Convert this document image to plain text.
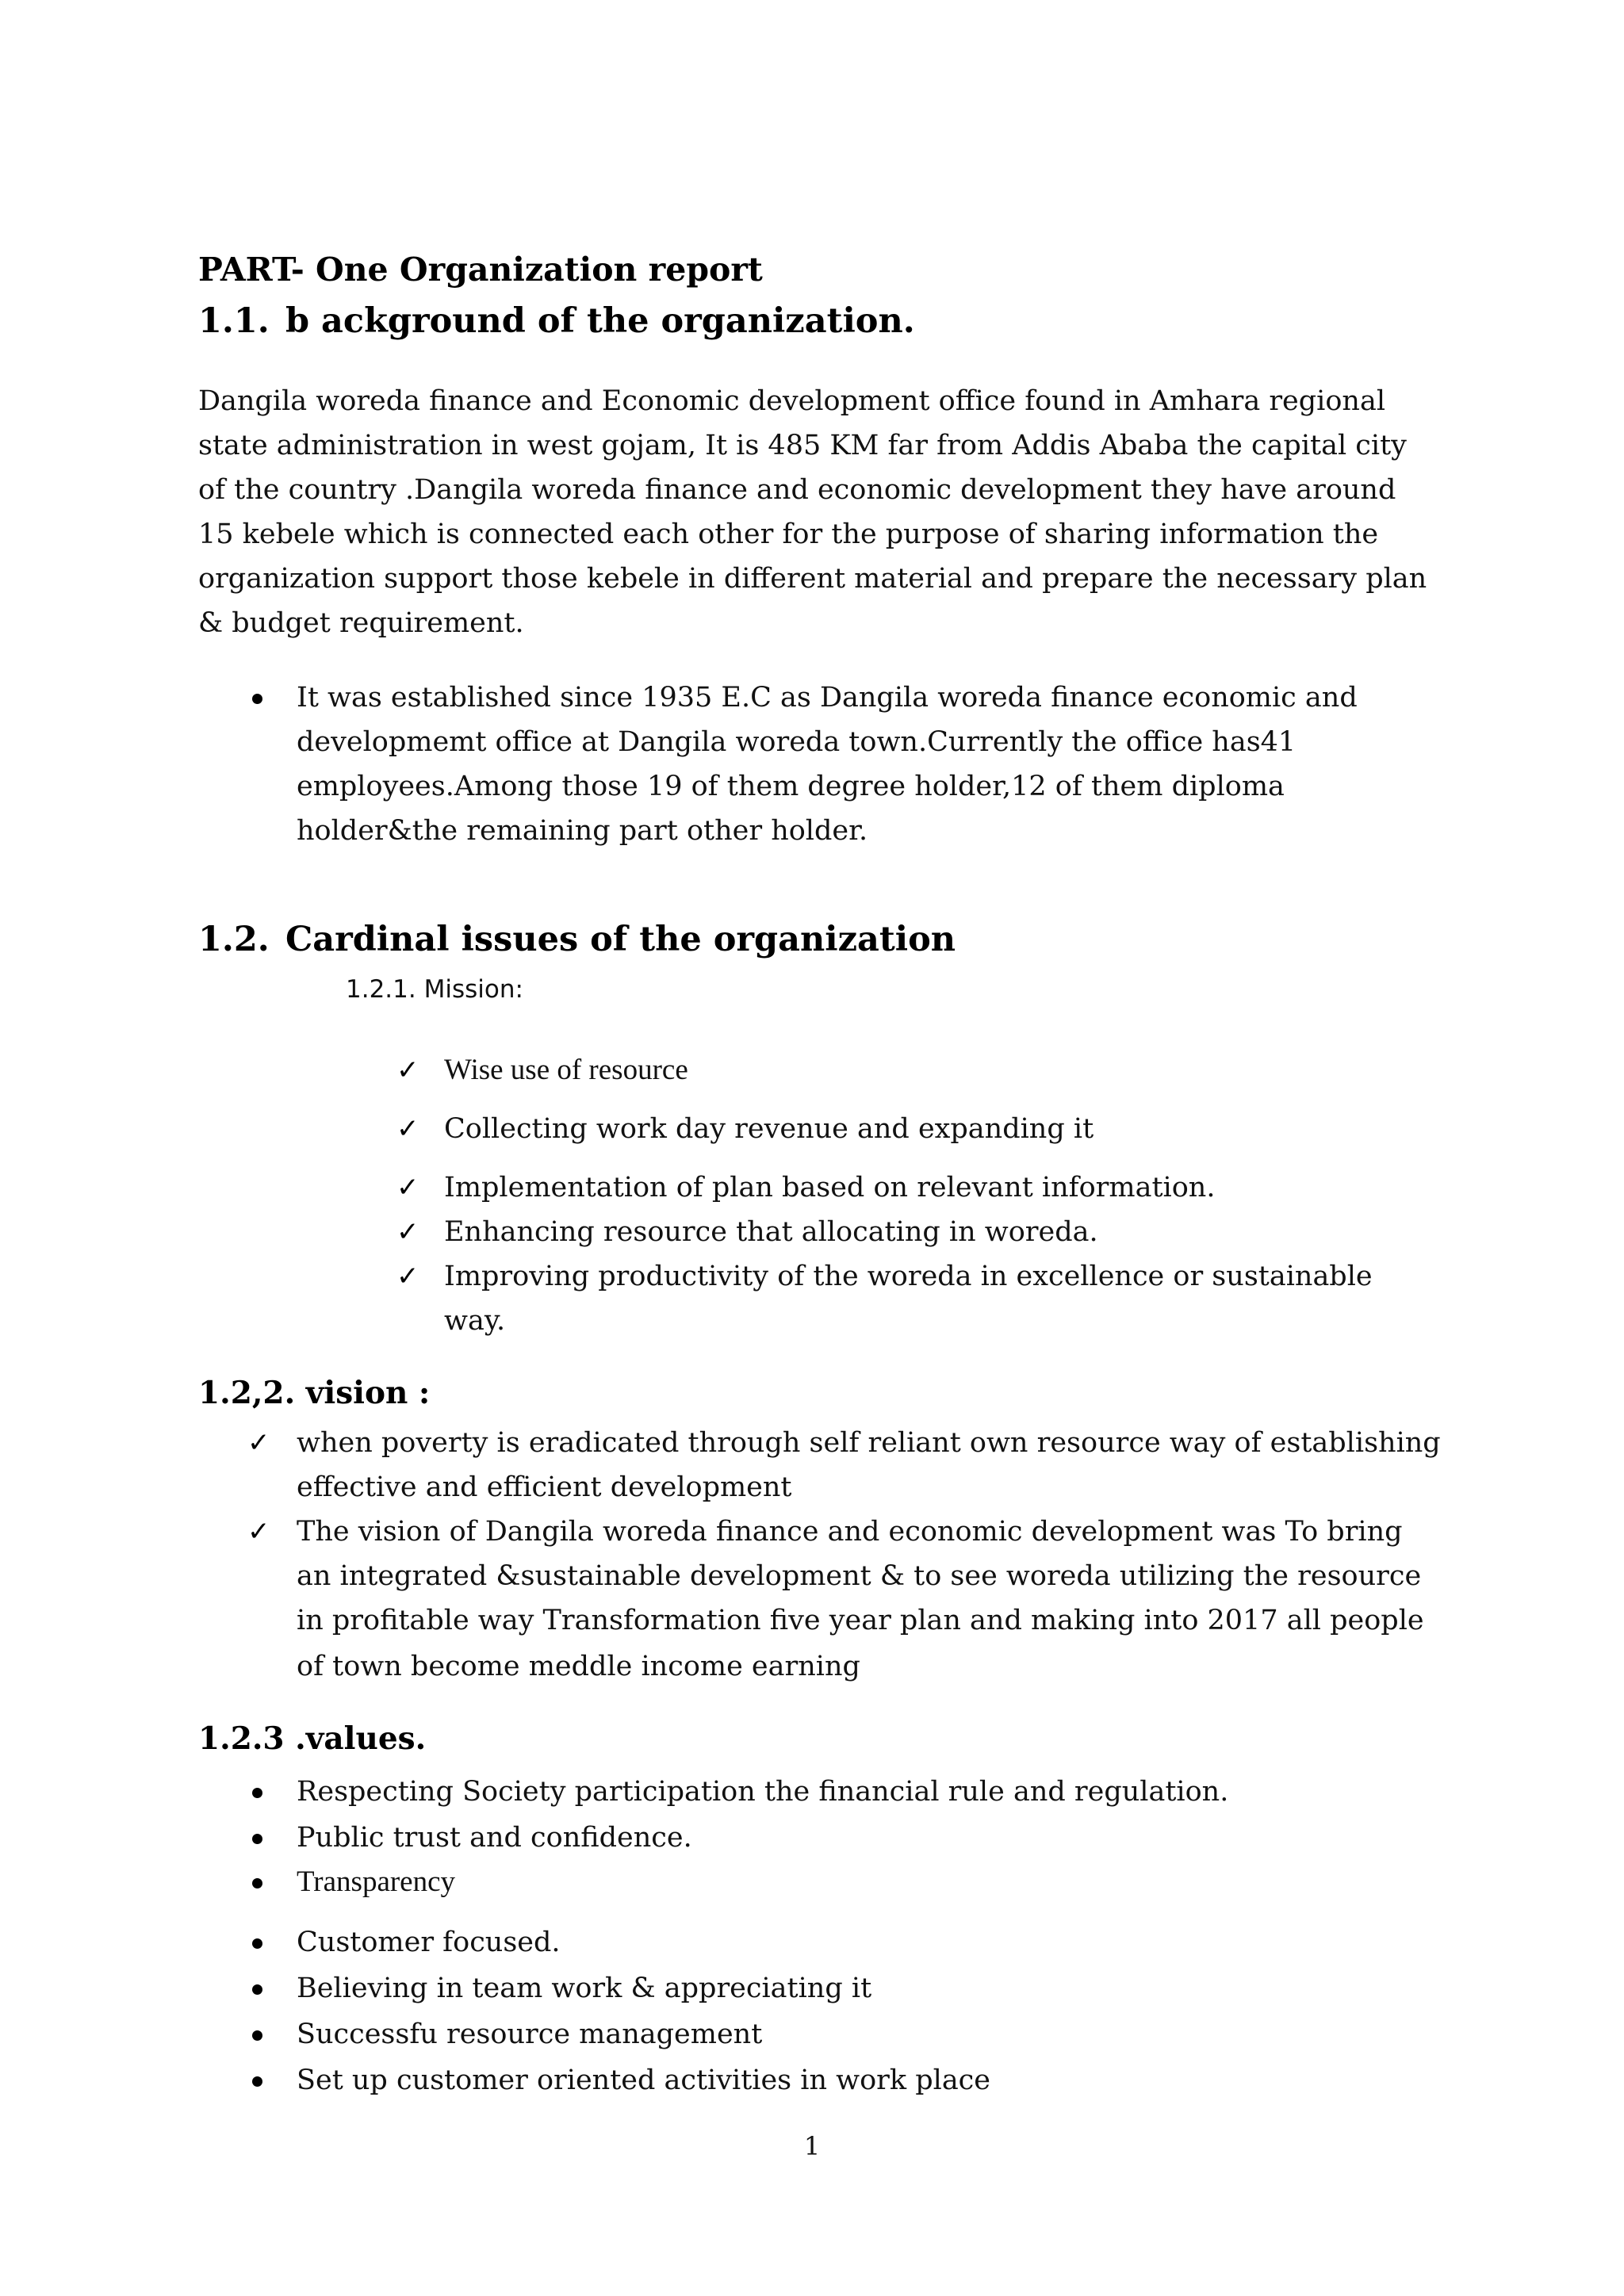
PART- One Organization report
1.1. b ackground of the organization.

Dangila woreda finance and Economic development office found in Amhara regional

state administration in west gojam, It is 485 KM far from Addis Ababa the capital city

of the country .Dangila woreda finance and economic development they have around

15 kebele which is connected each other for the purpose of sharing information the

organization support those kebele in different material and prepare the necessary plan

& budget requirement.

It was established since 1935 E.C as Dangila woreda finance economic and

developmemt office at Dangila woreda town.Currently the office has41

employees.Among those 19 of them degree holder,12 of them diploma

holder&the remaining part other holder.

1.2. Cardinal issues of the organization

1.2.1. Mission:

✓ Wise use of resource
✓ Collecting work day revenue and expanding it
✓ Implementation of plan based on relevant information.
✓ Enhancing resource that allocating in woreda.
✓ Improving productivity of the woreda in excellence or sustainable

way.

1.2,2. vision :
✓ when poverty is eradicated through self reliant own resource way of establishing

effective and efficient development

✓ The vision of Dangila woreda finance and economic development was To bring

an integrated &sustainable development & to see woreda utilizing the resource

in profitable way Transformation five year plan and making into 2017 all people

of town become meddle income earning

1.2.3 .values.
Respecting Society participation the financial rule and regulation.
Public trust and confidence.
Transparency
Customer focused.
Believing in team work & appreciating it
Successfu resource management
Set up customer oriented activities in work place
1
